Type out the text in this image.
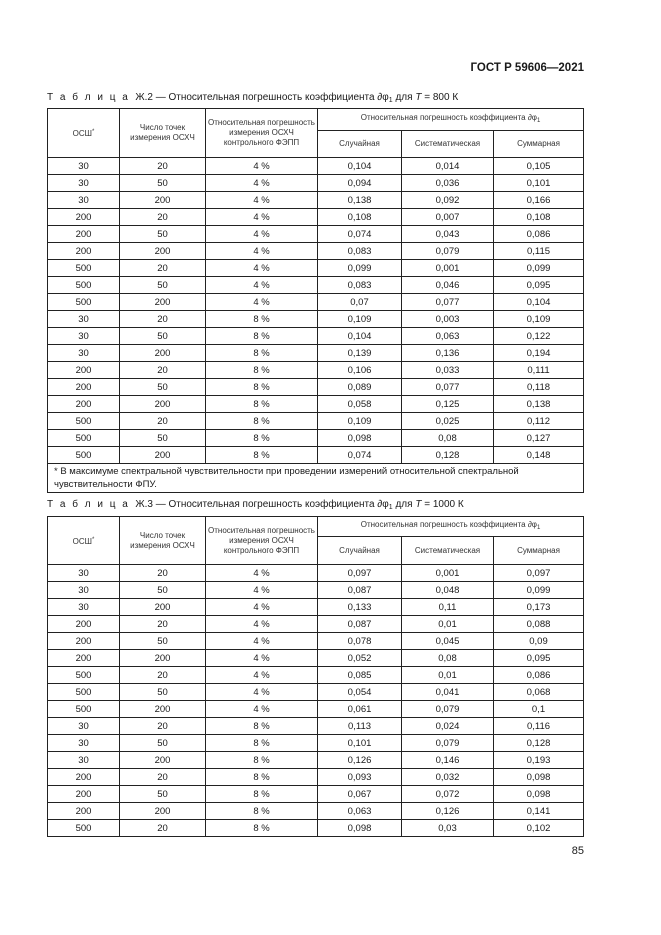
ГОСТ Р 59606—2021
Т а б л и ц а Ж.2 — Относительная погрешность коэффициента $\partial\varphi_1$ для T = 800 К
ОСШ*	Число точек измерения ОСХЧ	Относительная погрешность измерения ОСХЧ контрольного ФЭПП	Относительная погрешность коэффициента $\partial\varphi_1$
			Случайная	Систематическая	Суммарная
30	20	4 %	0,104	0,014	0,105
30	50	4 %	0,094	0,036	0,101
30	200	4 %	0,138	0,092	0,166
200	20	4 %	0,108	0,007	0,108
200	50	4 %	0,074	0,043	0,086
200	200	4 %	0,083	0,079	0,115
500	20	4 %	0,099	0,001	0,099
500	50	4 %	0,083	0,046	0,095
500	200	4 %	0,07	0,077	0,104
30	20	8 %	0,109	0,003	0,109
30	50	8 %	0,104	0,063	0,122
30	200	8 %	0,139	0,136	0,194
200	20	8 %	0,106	0,033	0,111
200	50	8 %	0,089	0,077	0,118
200	200	8 %	0,058	0,125	0,138
500	20	8 %	0,109	0,025	0,112
500	50	8 %	0,098	0,08	0,127
500	200	8 %	0,074	0,128	0,148
* В максимуме спектральной чувствительности при проведении измерений относительной спектральной чувствительности ФПУ.					
Т а б л и ц а Ж.3 — Относительная погрешность коэффициента $\partial\varphi_1$ для T = 1000 К
ОСШ*	Число точек измерения ОСХЧ	Относительная погрешность измерения ОСХЧ контрольного ФЭПП	Относительная погрешность коэффициента $\partial\varphi_1$
			Случайная	Систематическая	Суммарная
30	20	4 %	0,097	0,001	0,097
30	50	4 %	0,087	0,048	0,099
30	200	4 %	0,133	0,11	0,173
200	20	4 %	0,087	0,01	0,088
200	50	4 %	0,078	0,045	0,09
200	200	4 %	0,052	0,08	0,095
500	20	4 %	0,085	0,01	0,086
500	50	4 %	0,054	0,041	0,068
500	200	4 %	0,061	0,079	0,1
30	20	8 %	0,113	0,024	0,116
30	50	8 %	0,101	0,079	0,128
30	200	8 %	0,126	0,146	0,193
200	20	8 %	0,093	0,032	0,098
200	50	8 %	0,067	0,072	0,098
200	200	8 %	0,063	0,126	0,141
500	20	8 %	0,098	0,03	0,102
85
